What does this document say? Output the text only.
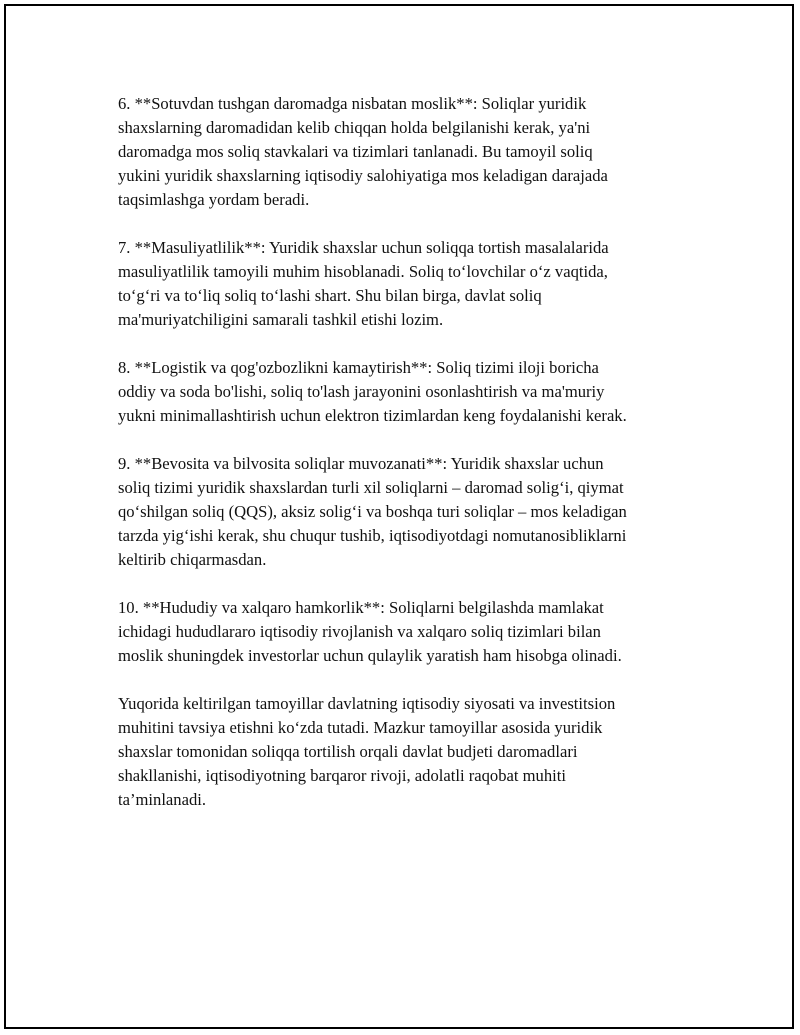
6. **Sotuvdan tushgan daromadga nisbatan moslik**: Soliqlar yuridik
shaxslarning daromadidan kelib chiqqan holda belgilanishi kerak, ya'ni
daromadga mos soliq stavkalari va tizimlari tanlanadi. Bu tamoyil soliq
yukini yuridik shaxslarning iqtisodiy salohiyatiga mos keladigan darajada
taqsimlashga yordam beradi.

7. **Masuliyatlilik**: Yuridik shaxslar uchun soliqqa tortish masalalarida
masuliyatlilik tamoyili muhim hisoblanadi. Soliq to‘lovchilar o‘z vaqtida,
to‘g‘ri va to‘liq soliq to‘lashi shart. Shu bilan birga, davlat soliq
ma'muriyatchiligini samarali tashkil etishi lozim.

8. **Logistik va qog'ozbozlikni kamaytirish**: Soliq tizimi iloji boricha
oddiy va soda bo'lishi, soliq to'lash jarayonini osonlashtirish va ma'muriy
yukni minimallashtirish uchun elektron tizimlardan keng foydalanishi kerak.

9. **Bevosita va bilvosita soliqlar muvozanati**: Yuridik shaxslar uchun
soliq tizimi yuridik shaxslardan turli xil soliqlarni – daromad solig‘i, qiymat
qo‘shilgan soliq (QQS), aksiz solig‘i va boshqa turi soliqlar – mos keladigan
tarzda yig‘ishi kerak, shu chuqur tushib, iqtisodiyotdagi nomutanosibliklarni
keltirib chiqarmasdan.

10. **Hududiy va xalqaro hamkorlik**: Soliqlarni belgilashda mamlakat
ichidagi hududlararo iqtisodiy rivojlanish va xalqaro soliq tizimlari bilan
moslik shuningdek investorlar uchun qulaylik yaratish ham hisobga olinadi.

Yuqorida keltirilgan tamoyillar davlatning iqtisodiy siyosati va investitsion
muhitini tavsiya etishni ko‘zda tutadi. Mazkur tamoyillar asosida yuridik
shaxslar tomonidan soliqqa tortilish orqali davlat budjeti daromadlari
shakllanishi, iqtisodiyotning barqaror rivoji, adolatli raqobat muhiti
ta’minlanadi.
